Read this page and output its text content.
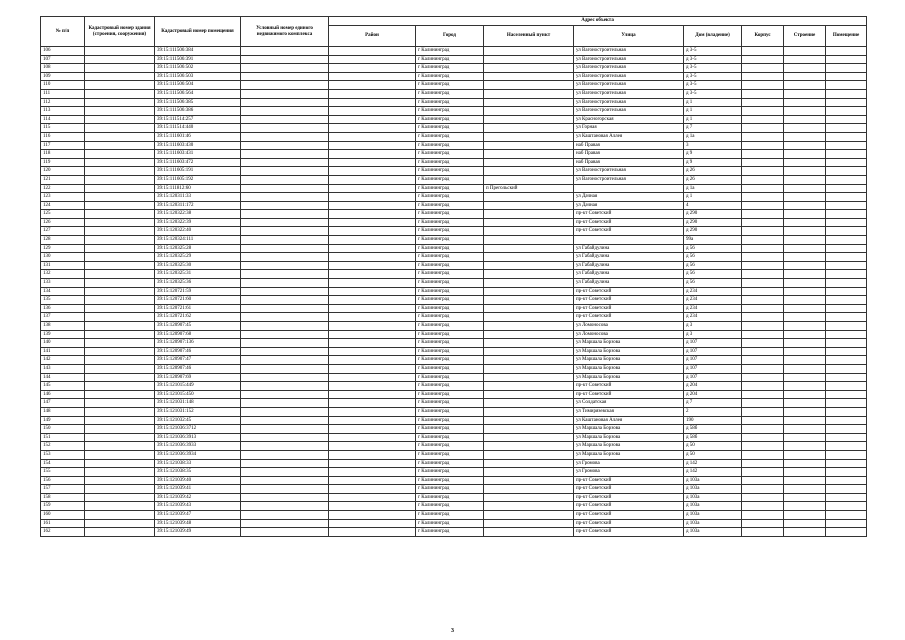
№ п/п	Кадастровый номер здания (строения, сооружения)	Кадастровый номер помещения	Условный номер единого недвижимого комплекса	Адрес объекта							
				Район	Город	Населенный пункт	Улица	Дом (владение)	Корпус	Строение	Помещение
106		39:15:111506:384			г Калининград		ул Вагоностроительная	д 3-5			
107		39:15:111506:391			г Калининград		ул Вагоностроительная	д 3-5			
108		39:15:111506:502			г Калининград		ул Вагоностроительная	д 3-5			
109		39:15:111506:503			г Калининград		ул Вагоностроительная	д 3-5			
110		39:15:111506:504			г Калининград		ул Вагоностроительная	д 3-5			
111		39:15:111506:564			г Калининград		ул Вагоностроительная	д 3-5			
112		39:15:111506:385			г Калининград		ул Вагоностроительная	д 1			
113		39:15:111506:386			г Калининград		ул Вагоностроительная	д 1			
114		39:15:111514:257			г Калининград		ул Красногорская	д 1			
115		39:15:111514:440			г Калининград		ул Горная	д 7			
116		39:15:111601:46			г Калининград		ул Каштановая Аллея	д 1а			
117		39:15:111603:430			г Калининград		наб Правая	3			
118		39:15:111603:431			г Калининград		наб Правая	д 9			
119		39:15:111603:472			г Калининград		наб Правая	д 9			
120		39:15:111605:191			г Калининград		ул Вагоностроительная	д 26			
121		39:15:111605:192			г Калининград		ул Вагоностроительная	д 26			
122		39:15:111812:60			г Калининград	п Прегольский		д 1а			
123		39:15:120311:33			г Калининград		ул Дачная	д 1			
124		39:15:120311:172			г Калининград		ул Дачная	4			
125		39:15:120322:38			г Калининград		пр-кт Советский	д 290			
126		39:15:120322:39			г Калининград		пр-кт Советский	д 290			
127		39:15:120322:40			г Калининград		пр-кт Советский	д 290			
128		39:15:120324:111			г Калининград			99а			
129		39:15:120325:28			г Калининград		ул Габайдулина	д 56			
130		39:15:120325:29			г Калининград		ул Габайдулина	д 56			
131		39:15:120325:30			г Калининград		ул Габайдулина	д 56			
132		39:15:120325:31			г Калининград		ул Габайдулина	д 56			
133		39:15:120325:36			г Калининград		ул Габайдулина	д 56			
134		39:15:120721:59			г Калининград		пр-кт Советский	д 234			
135		39:15:120721:60			г Калининград		пр-кт Советский	д 234			
136		39:15:120721:61			г Калининград		пр-кт Советский	д 234			
137		39:15:120721:62			г Калининград		пр-кт Советский	д 234			
138		39:15:120907:45			г Калининград		ул Ломоносова	д 3			
139		39:15:120907:68			г Калининград		ул Ломоносова	д 3			
140		39:15:120907:136			г Калининград		ул Маршала Борзова	д 107			
141		39:15:120907:46			г Калининград		ул Маршала Борзова	д 107			
142		39:15:120907:47			г Калининград		ул Маршала Борзова	д 107			
143		39:15:120907:46			г Калининград		ул Маршала Борзова	д 107			
144		39:15:120907:69			г Калининград		ул Маршала Борзова	д 107			
145		39:15:121015:449			г Калининград		пр-кт Советский	д 204			
146		39:15:121015:450			г Калининград		пр-кт Советский	д 204			
147		39:15:121031:148			г Калининград		ул Солдатская	д 7			
148		39:15:121031:152			г Калининград		ул Тимирязевская	2			
149		39:15:121032:45			г Калининград		ул Каштановая Аллея	190			
150		39:15:121036:3712			г Калининград		ул Маршала Борзова	д 58б			
151		39:15:121036:3913			г Калининград		ул Маршала Борзова	д 58б			
152		39:15:121036:3933			г Калининград		ул Маршала Борзова	д 50			
153		39:15:121036:3934			г Калининград		ул Маршала Борзова	д 50			
154		39:15:121038:33			г Калининград		ул Громова	д 142			
155		39:15:121038:35			г Калининград		ул Громова	д 142			
156		39:15:121039:40			г Калининград		пр-кт Советский	д 103а			
157		39:15:121039:41			г Калининград		пр-кт Советский	д 103а			
158		39:15:121039:42			г Калининград		пр-кт Советский	д 103а			
159		39:15:121039:43			г Калининград		пр-кт Советский	д 103а			
160		39:15:121039:47			г Калининград		пр-кт Советский	д 103а			
161		39:15:121039:48			г Калининград		пр-кт Советский	д 103а			
162		39:15:121039:49			г Калининград		пр-кт Советский	д 103а			
3
